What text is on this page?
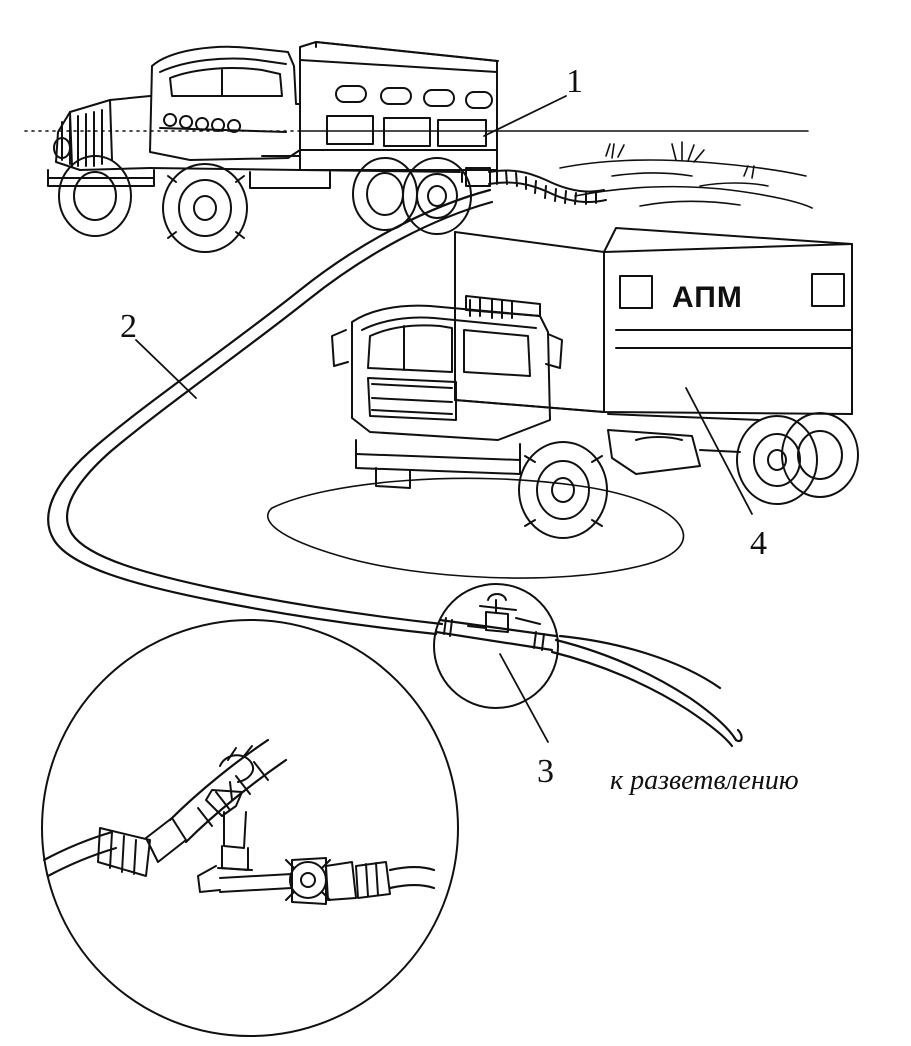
1
2
3
4
АПМ
к разветвлению
